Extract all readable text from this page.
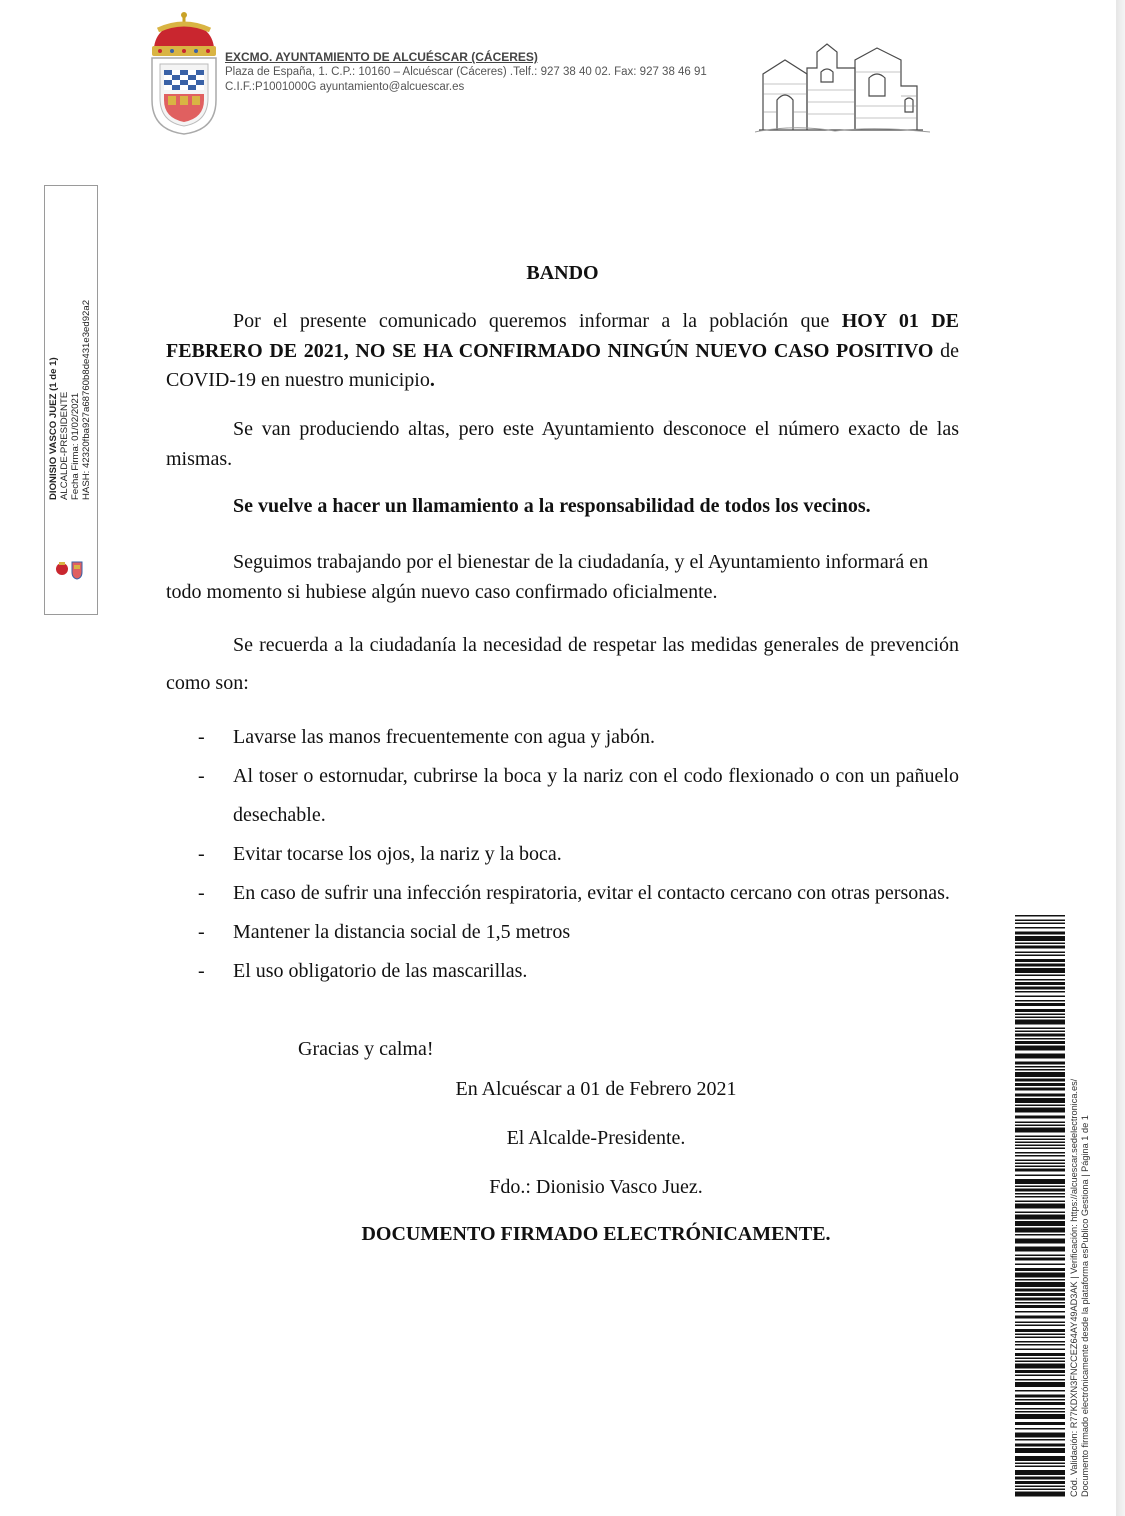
EXCMO. AYUNTAMIENTO DE ALCUÉSCAR (CÁCERES)
Plaza de España, 1. C.P.: 10160 – Alcuéscar (Cáceres) .Telf.: 927 38 40 02. Fax: 927 38 46 91
C.I.F.:P1001000G ayuntamiento@alcuescar.es
DIONISIO VASCO JUEZ (1 de 1) ALCALDE-PRESIDENTE Fecha Firma: 01/02/2021 HASH: 42320fba927a68760b8de431e3ed92a2
BANDO

Por el presente comunicado queremos informar a la población que HOY 01 DE FEBRERO DE 2021, NO SE HA CONFIRMADO NINGÚN NUEVO CASO POSITIVO de COVID-19 en nuestro municipio.

Se van produciendo altas, pero este Ayuntamiento desconoce el número exacto de las mismas.

Se vuelve a hacer un llamamiento a la responsabilidad de todos los vecinos.

Seguimos trabajando por el bienestar de la ciudadanía, y el Ayuntamiento informará en todo momento si hubiese algún nuevo caso confirmado oficialmente.

Se recuerda a la ciudadanía la necesidad de respetar las medidas generales de prevención como son:

- Lavarse las manos frecuentemente con agua y jabón.
- Al toser o estornudar, cubrirse la boca y la nariz con el codo flexionado o con un pañuelo desechable.
- Evitar tocarse los ojos, la nariz y la boca.
- En caso de sufrir una infección respiratoria, evitar el contacto cercano con otras personas.
- Mantener la distancia social de 1,5 metros
- El uso obligatorio de las mascarillas.
Gracias y calma!
En Alcuéscar a 01 de Febrero 2021
El Alcalde-Presidente.
Fdo.: Dionisio Vasco Juez.
DOCUMENTO FIRMADO ELECTRÓNICAMENTE.	Cód. Validación: R77KDXN3FNCCEZ64AY49AD3AK | Verificación: https://alcuescar.sedelectronica.es/ Documento firmado electrónicamente desde la plataforma esPublico Gestiona | Página 1 de 1
